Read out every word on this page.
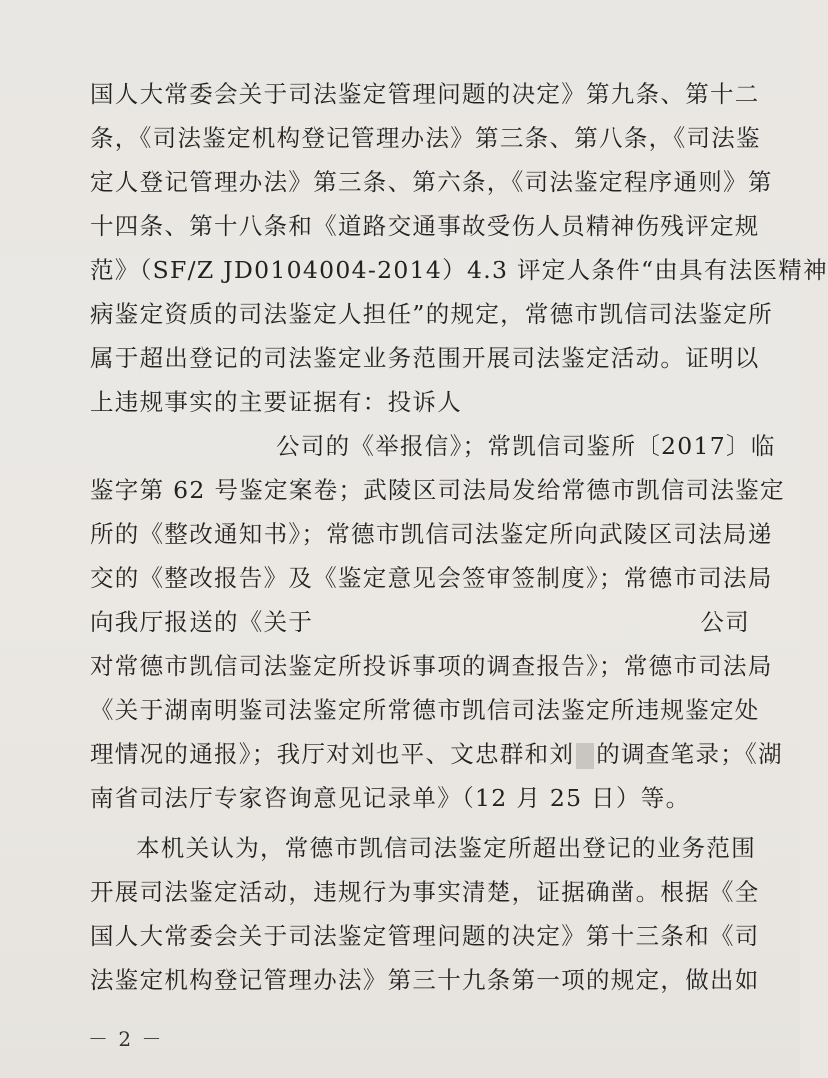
国人大常委会关于司法鉴定管理问题的决定》第九条、第十二
条，《司法鉴定机构登记管理办法》第三条、第八条，《司法鉴
定人登记管理办法》第三条、第六条，《司法鉴定程序通则》第
十四条、第十八条和《道路交通事故受伤人员精神伤残评定规
范》（SF/Z JD0104004-2014）4.3 评定人条件“由具有法医精神
病鉴定资质的司法鉴定人担任”的规定，常德市凯信司法鉴定所
属于超出登记的司法鉴定业务范围开展司法鉴定活动。证明以
上违规事实的主要证据有：投诉人
公司的《举报信》；常凯信司鉴所〔2017〕临
鉴字第 62 号鉴定案卷；武陵区司法局发给常德市凯信司法鉴定
所的《整改通知书》；常德市凯信司法鉴定所向武陵区司法局递
交的《整改报告》及《鉴定意见会签审签制度》；常德市司法局
向我厅报送的《关于	公司
对常德市凯信司法鉴定所投诉事项的调查报告》；常德市司法局
《关于湖南明鉴司法鉴定所常德市凯信司法鉴定所违规鉴定处
理情况的通报》；我厅对刘也平、文忠群和刘 的调查笔录；《湖
南省司法厅专家咨询意见记录单》（12 月 25 日）等。
本机关认为，常德市凯信司法鉴定所超出登记的业务范围
开展司法鉴定活动，违规行为事实清楚，证据确凿。根据《全
国人大常委会关于司法鉴定管理问题的决定》第十三条和《司
法鉴定机构登记管理办法》第三十九条第一项的规定，做出如
－ 2 －
